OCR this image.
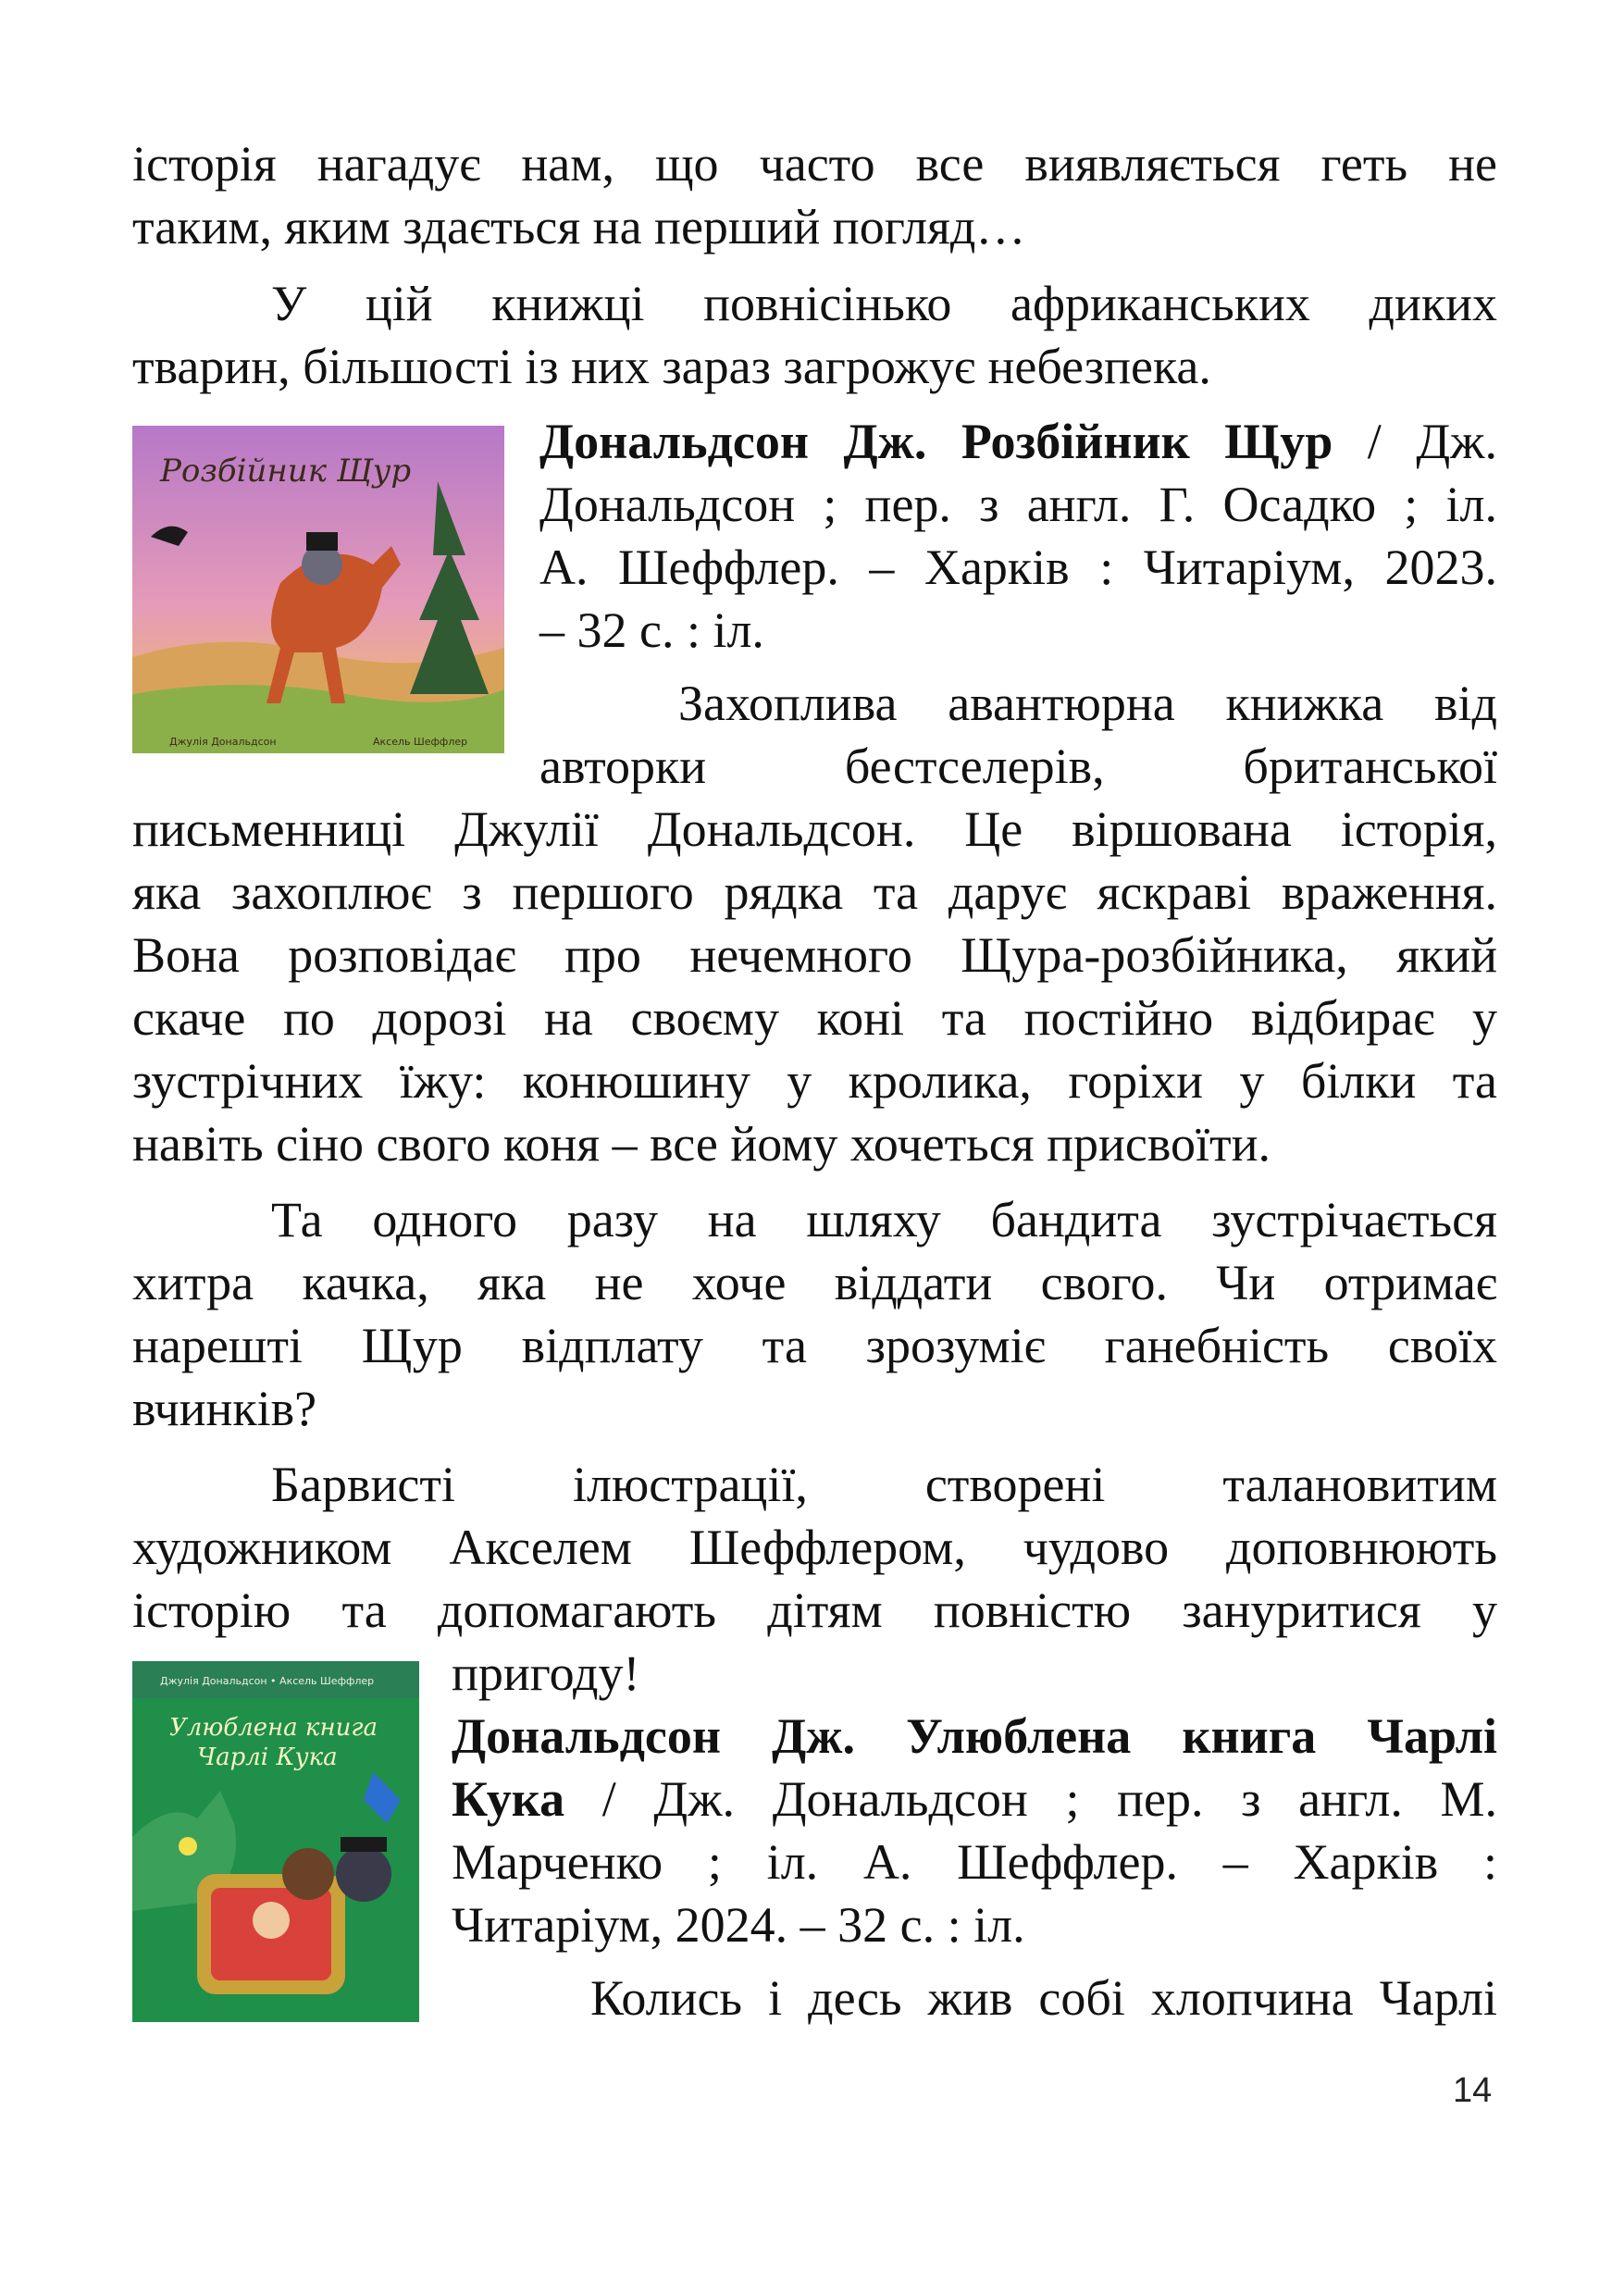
історія нагадує нам, що часто все виявляється геть не
таким, яким здається на перший погляд…
У цій книжці повнісінько африканських диких
тварин, більшості із них зараз загрожує небезпека.
Розбійник Щур
Джулія Дональдсон	Аксель Шеффлер
Дональдсон Дж. Розбійник Щур / Дж.
Дональдсон ; пер. з англ. Г. Осадко ; іл.
А. Шеффлер. – Харків : Читаріум, 2023.
– 32 с. : іл.
Захоплива авантюрна книжка від
авторки бестселерів, британської
письменниці Джулії Дональдсон. Це віршована історія,
яка захоплює з першого рядка та дарує яскраві враження.
Вона розповідає про нечемного Щура-розбійника, який
скаче по дорозі на своєму коні та постійно відбирає у
зустрічних їжу: конюшину у кролика, горіхи у білки та
навіть сіно свого коня – все йому хочеться присвоїти.
Та одного разу на шляху бандита зустрічається
хитра качка, яка не хоче віддати свого. Чи отримає
нарешті Щур відплату та зрозуміє ганебність своїх
вчинків?
Барвисті ілюстрації, створені талановитим
художником Акселем Шеффлером, чудово доповнюють
історію та допомагають дітям повністю зануритися у
пригоду!
Джулія Дональдсон • Аксель Шеффлер
Улюблена книга
Чарлі Кука Дональдсон Дж. Улюблена книга Чарлі
Кука / Дж. Дональдсон ; пер. з англ. М.
Марченко ; іл. А. Шеффлер. – Харків :
Читаріум, 2024. – 32 с. : іл.
Колись і десь жив собі хлопчина Чарлі
14
